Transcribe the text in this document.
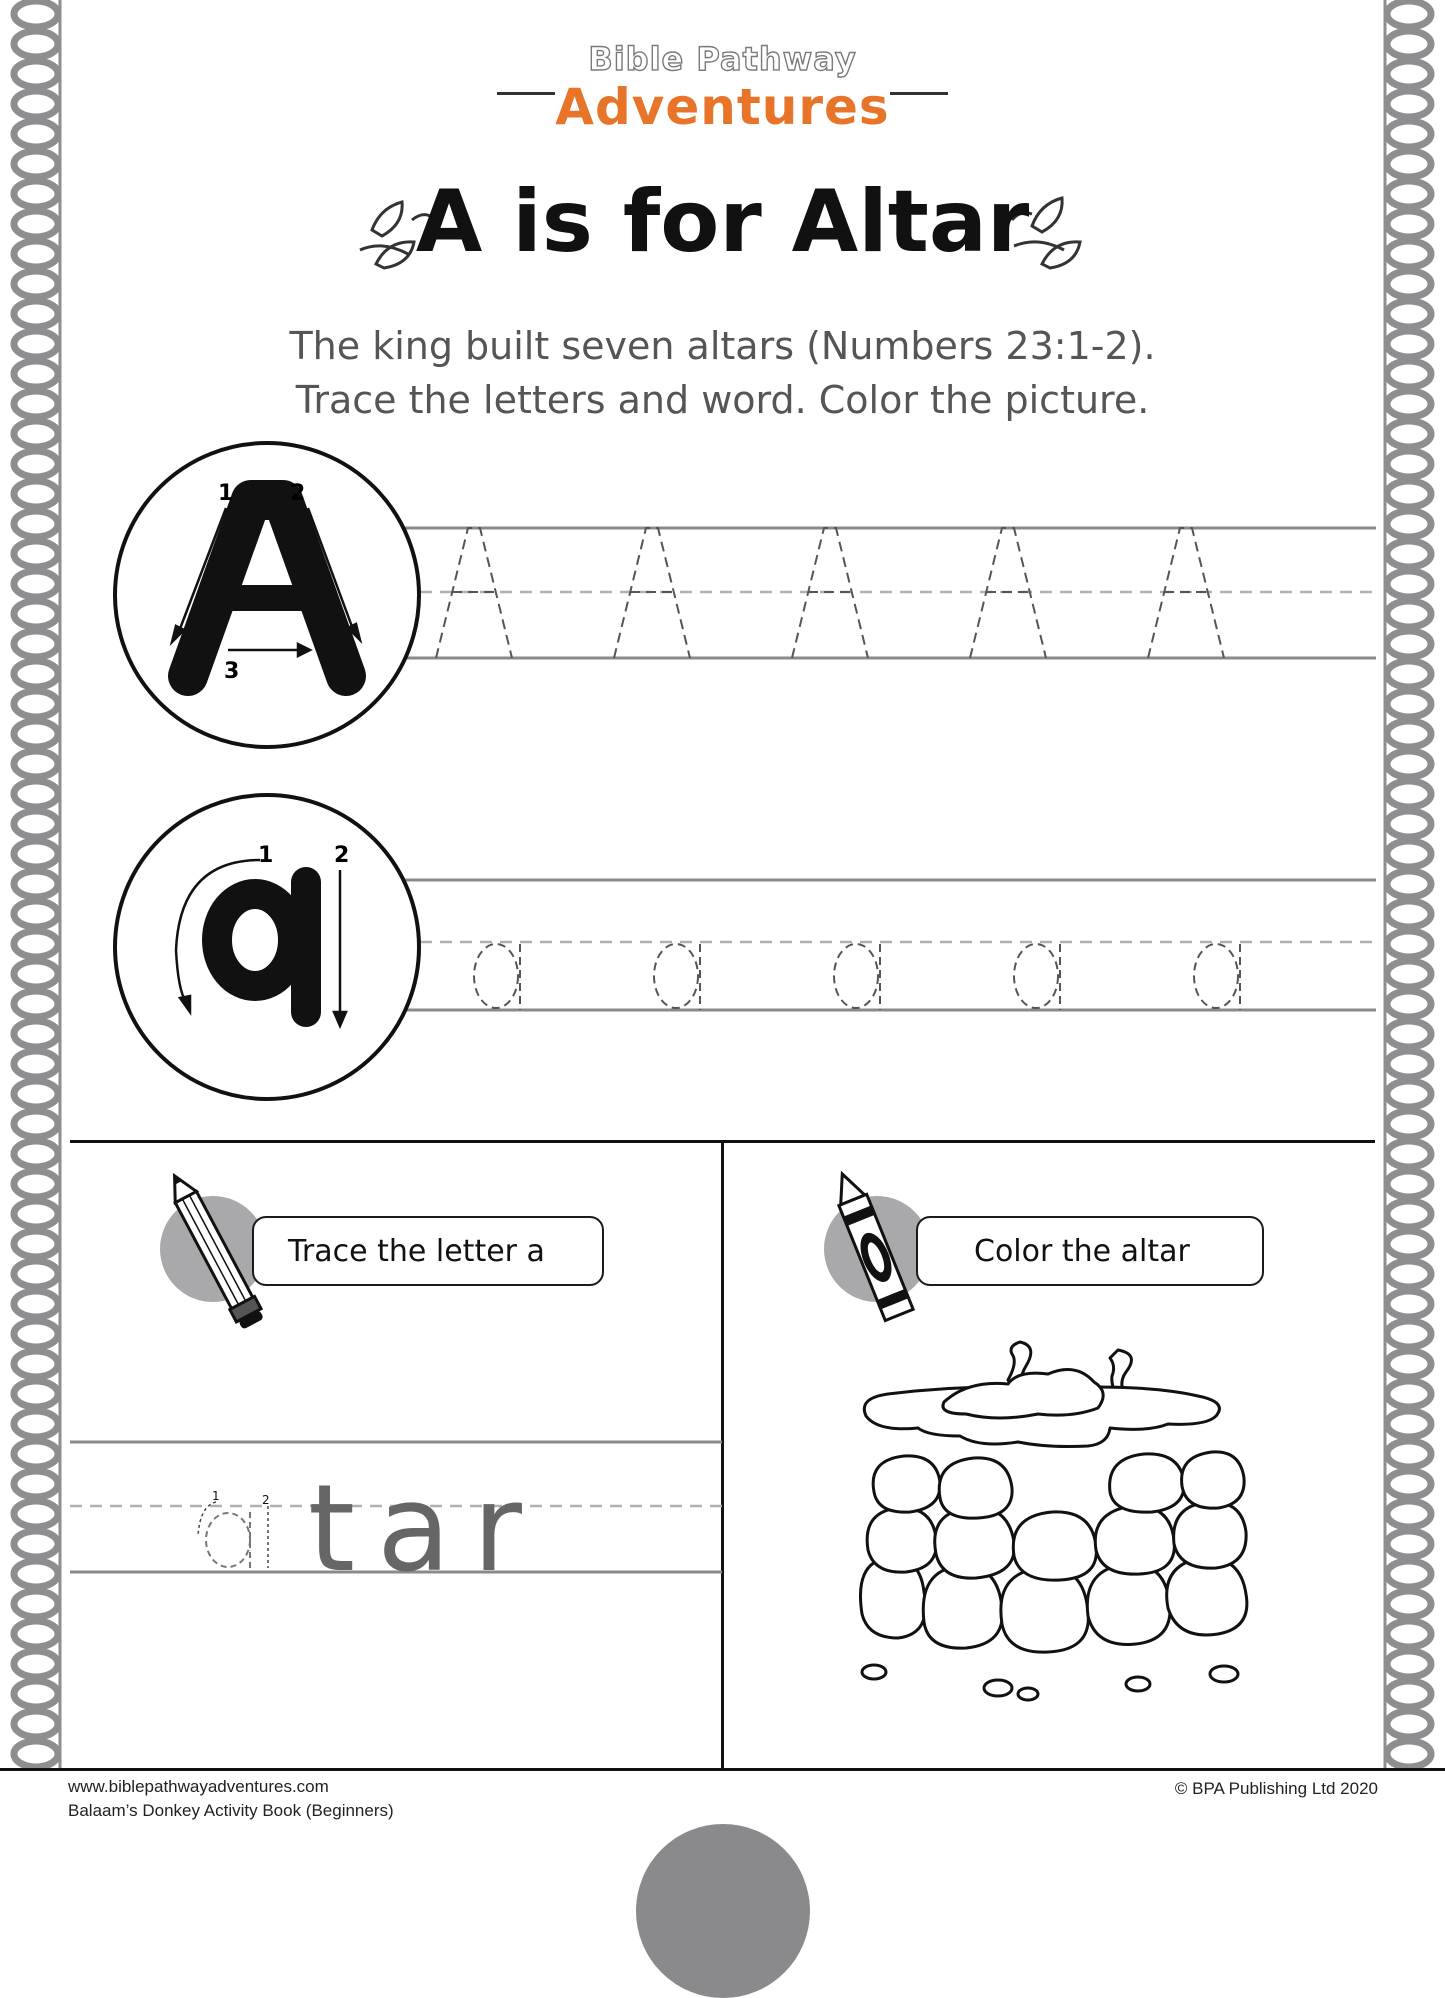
Bible Pathway
Adventures
A is for Altar
The king built seven altars (Numbers 23:1-2).
Trace the letters and word. Color the picture.
1	2
3
1	2
Trace the letter a
1	2 tar
Color the altar
www.biblepathwayadventures.com
Balaam’s Donkey Activity Book (Beginners)
© BPA Publishing Ltd 2020
53
